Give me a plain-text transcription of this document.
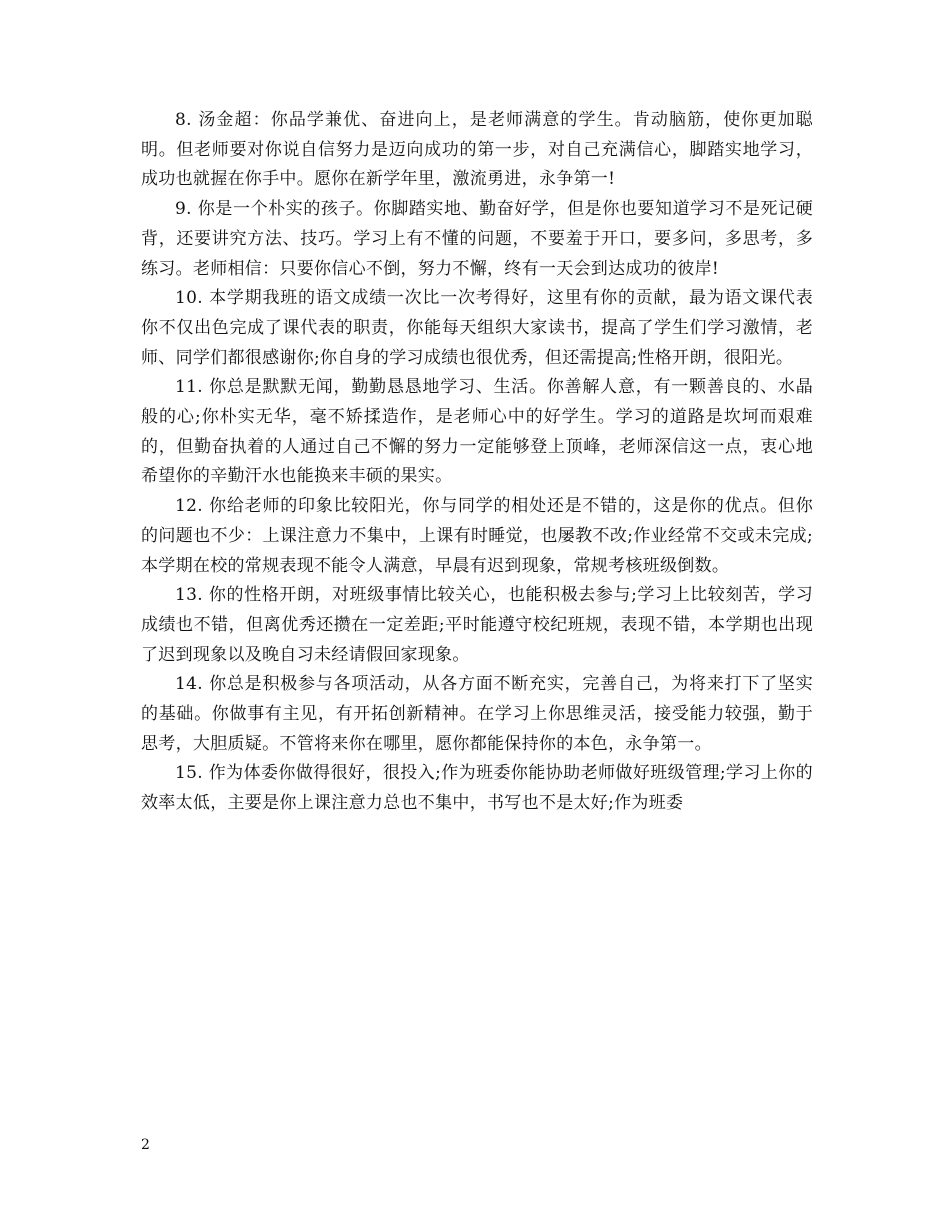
8. 汤金超：你品学兼优、奋进向上，是老师满意的学生。肯动脑筋，使你更加聪明。但老师要对你说自信努力是迈向成功的第一步，对自己充满信心，脚踏实地学习，成功也就握在你手中。愿你在新学年里，激流勇进，永争第一!

9. 你是一个朴实的孩子。你脚踏实地、勤奋好学，但是你也要知道学习不是死记硬背，还要讲究方法、技巧。学习上有不懂的问题，不要羞于开口，要多问，多思考，多练习。老师相信：只要你信心不倒，努力不懈，终有一天会到达成功的彼岸!

10. 本学期我班的语文成绩一次比一次考得好，这里有你的贡献，最为语文课代表你不仅出色完成了课代表的职责，你能每天组织大家读书，提高了学生们学习激情，老师、同学们都很感谢你;你自身的学习成绩也很优秀，但还需提高;性格开朗，很阳光。

11. 你总是默默无闻，勤勤恳恳地学习、生活。你善解人意，有一颗善良的、水晶般的心;你朴实无华，毫不矫揉造作，是老师心中的好学生。学习的道路是坎坷而艰难的，但勤奋执着的人通过自己不懈的努力一定能够登上顶峰，老师深信这一点，衷心地希望你的辛勤汗水也能换来丰硕的果实。

12. 你给老师的印象比较阳光，你与同学的相处还是不错的，这是你的优点。但你的问题也不少：上课注意力不集中，上课有时睡觉，也屡教不改;作业经常不交或未完成;本学期在校的常规表现不能令人满意，早晨有迟到现象，常规考核班级倒数。

13. 你的性格开朗，对班级事情比较关心，也能积极去参与;学习上比较刻苦，学习成绩也不错，但离优秀还攒在一定差距;平时能遵守校纪班规，表现不错，本学期也出现了迟到现象以及晚自习未经请假回家现象。

14. 你总是积极参与各项活动，从各方面不断充实，完善自己，为将来打下了坚实的基础。你做事有主见，有开拓创新精神。在学习上你思维灵活，接受能力较强，勤于思考，大胆质疑。不管将来你在哪里，愿你都能保持你的本色，永争第一。

15. 作为体委你做得很好，很投入;作为班委你能协助老师做好班级管理;学习上你的效率太低，主要是你上课注意力总也不集中，书写也不是太好;作为班委

2
